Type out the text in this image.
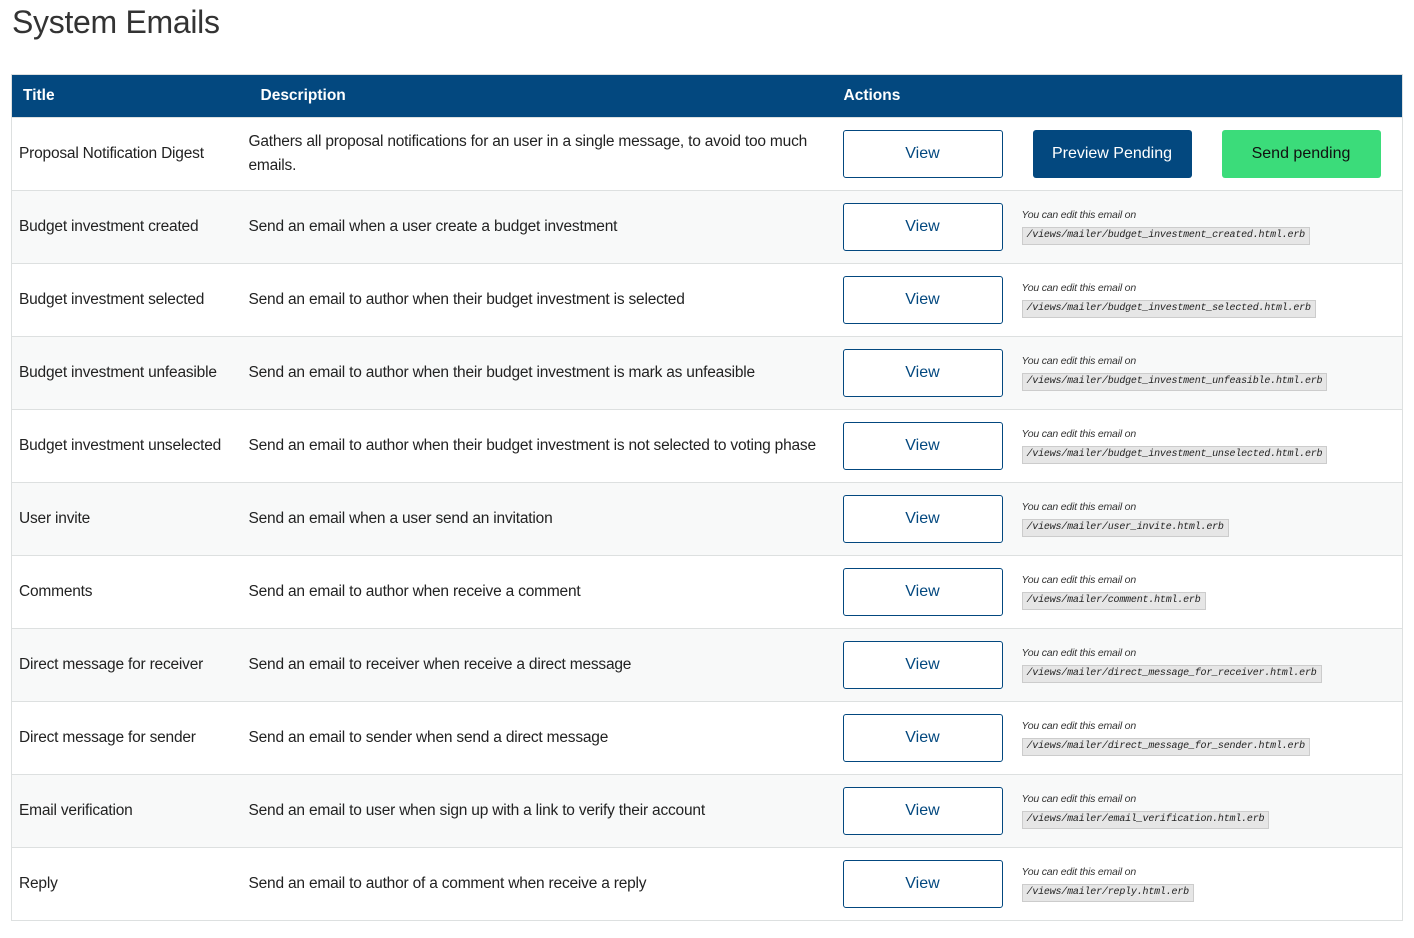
System Emails
Title	Description	Actions
Proposal Notification Digest	Gathers all proposal notifications for an user in a single message, to avoid too much emails.	View Preview Pending Send pending

Budget investment created	Send an email when a user create a budget investment	View
You can edit this email on
/views/mailer/budget_investment_created.html.erb

Budget investment selected	Send an email to author when their budget investment is selected	View
You can edit this email on
/views/mailer/budget_investment_selected.html.erb

Budget investment unfeasible	Send an email to author when their budget investment is mark as unfeasible	View
You can edit this email on
/views/mailer/budget_investment_unfeasible.html.erb

Budget investment unselected	Send an email to author when their budget investment is not selected to voting phase	View
You can edit this email on
/views/mailer/budget_investment_unselected.html.erb

User invite	Send an email when a user send an invitation	View
You can edit this email on
/views/mailer/user_invite.html.erb

Comments	Send an email to author when receive a comment	View
You can edit this email on
/views/mailer/comment.html.erb

Direct message for receiver	Send an email to receiver when receive a direct message	View
You can edit this email on
/views/mailer/direct_message_for_receiver.html.erb

Direct message for sender	Send an email to sender when send a direct message	View
You can edit this email on
/views/mailer/direct_message_for_sender.html.erb

Email verification	Send an email to user when sign up with a link to verify their account	View
You can edit this email on
/views/mailer/email_verification.html.erb

Reply	Send an email to author of a comment when receive a reply	View
You can edit this email on
/views/mailer/reply.html.erb
